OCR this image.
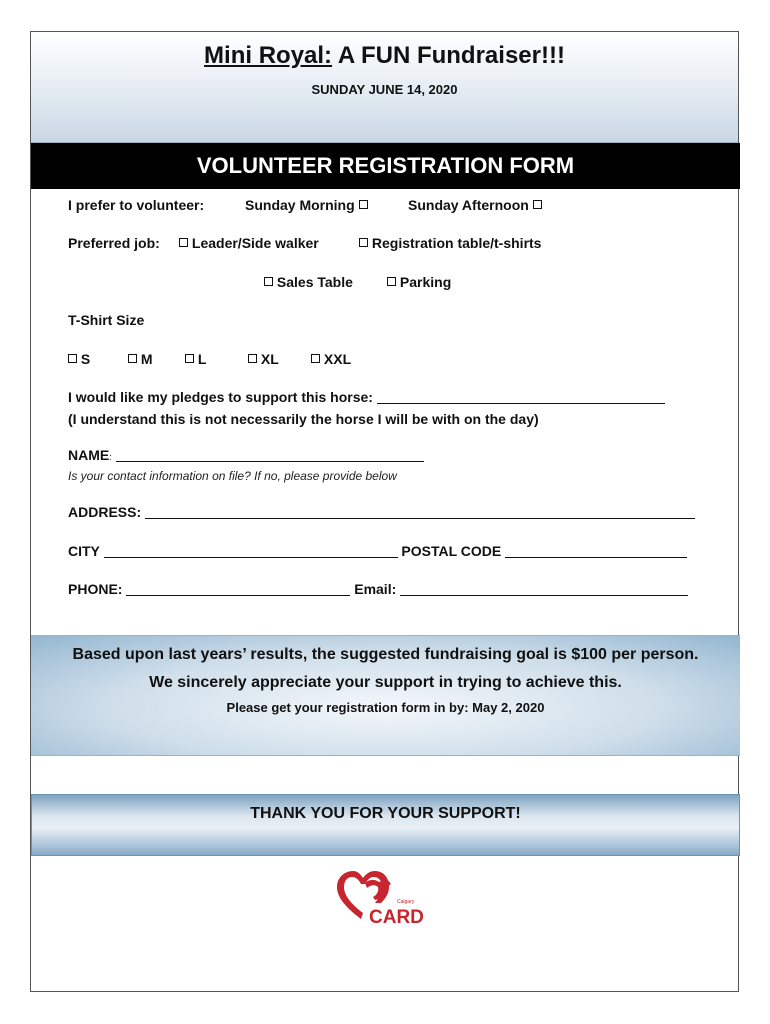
Mini Royal: A FUN Fundraiser!!!
SUNDAY JUNE 14, 2020
VOLUNTEER REGISTRATION FORM
I prefer to volunteer:	Sunday Morning	Sunday Afternoon
Preferred job:	Leader/Side walker	Registration table/t-shirts
Sales Table	Parking
T-Shirt Size
S	M	L	XL	XXL
I would like my pledges to support this horse:
(I understand this is not necessarily the horse I will be with on the day)
NAME:
Is your contact information on file? If no, please provide below
ADDRESS:
CITY	POSTAL CODE
PHONE:	Email:
Based upon last years’ results, the suggested fundraising goal is $100 per person.
We sincerely appreciate your support in trying to achieve this.
Please get your registration form in by: May 2, 2020
THANK YOU FOR YOUR SUPPORT!
Calgary
CARD
